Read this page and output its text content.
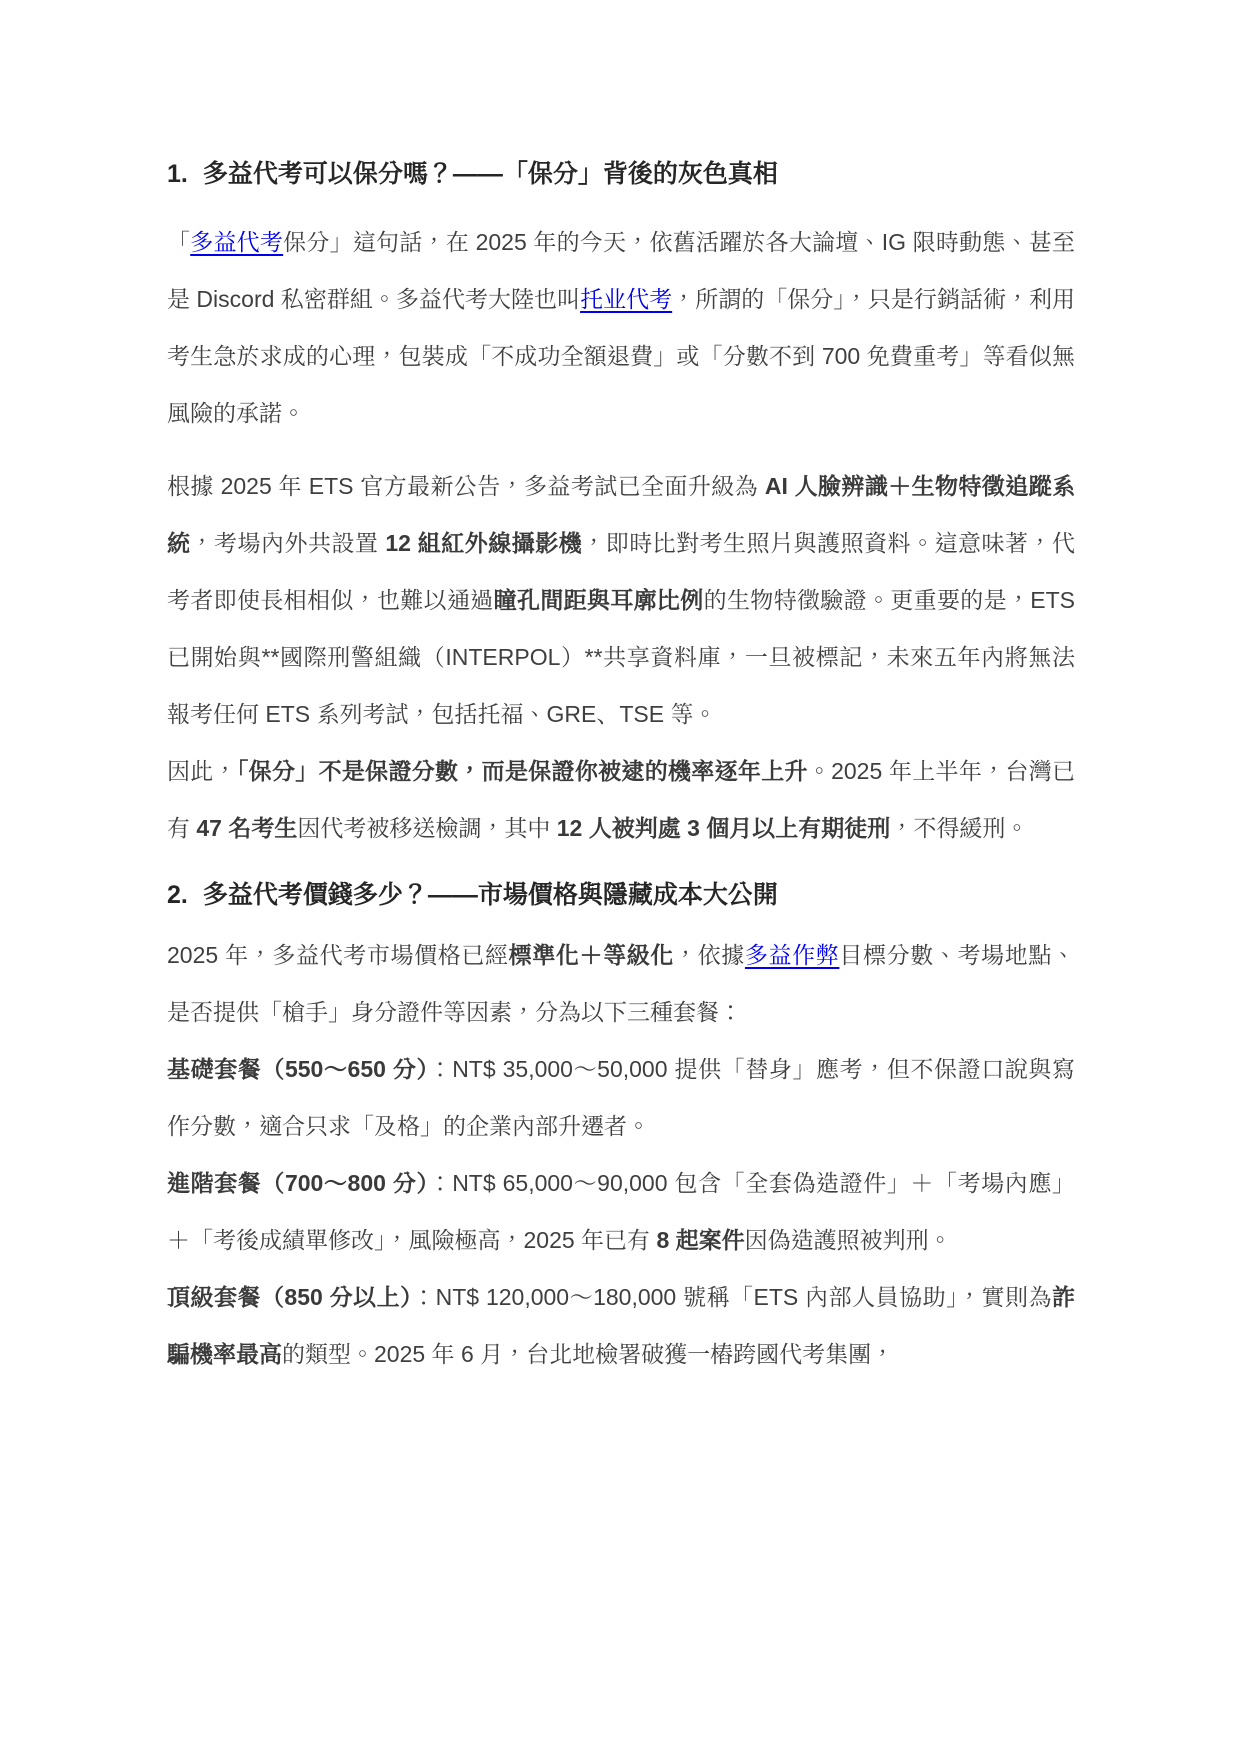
1. 多益代考可以保分嗎？——「保分」背後的灰色真相

「多益代考保分」這句話，在 2025 年的今天，依舊活躍於各大論壇、IG 限時動態、甚至是 Discord 私密群組。多益代考大陸也叫托业代考，所謂的「保分」，只是行銷話術，利用考生急於求成的心理，包裝成「不成功全額退費」或「分數不到 700 免費重考」等看似無風險的承諾。

根據 2025 年 ETS 官方最新公告，多益考試已全面升級為 AI 人臉辨識＋生物特徵追蹤系統，考場內外共設置 12 組紅外線攝影機，即時比對考生照片與護照資料。這意味著，代考者即使長相相似，也難以通過瞳孔間距與耳廓比例的生物特徵驗證。更重要的是，ETS 已開始與**國際刑警組織（INTERPOL）**共享資料庫，一旦被標記，未來五年內將無法報考任何 ETS 系列考試，包括托福、GRE、TSE 等。

因此，「保分」不是保證分數，而是保證你被逮的機率逐年上升。2025 年上半年，台灣已有 47 名考生因代考被移送檢調，其中 12 人被判處 3 個月以上有期徒刑，不得緩刑。

2. 多益代考價錢多少？——市場價格與隱藏成本大公開

2025 年，多益代考市場價格已經標準化＋等級化，依據多益作弊目標分數、考場地點、是否提供「槍手」身分證件等因素，分為以下三種套餐：

基礎套餐（550～650 分）：NT$ 35,000～50,000 提供「替身」應考，但不保證口說與寫作分數，適合只求「及格」的企業內部升遷者。

進階套餐（700～800 分）：NT$ 65,000～90,000 包含「全套偽造證件」＋「考場內應」＋「考後成績單修改」，風險極高，2025 年已有 8 起案件因偽造護照被判刑。

頂級套餐（850 分以上）：NT$ 120,000～180,000 號稱「ETS 內部人員協助」，實則為詐騙機率最高的類型。2025 年 6 月，台北地檢署破獲一樁跨國代考集團，
